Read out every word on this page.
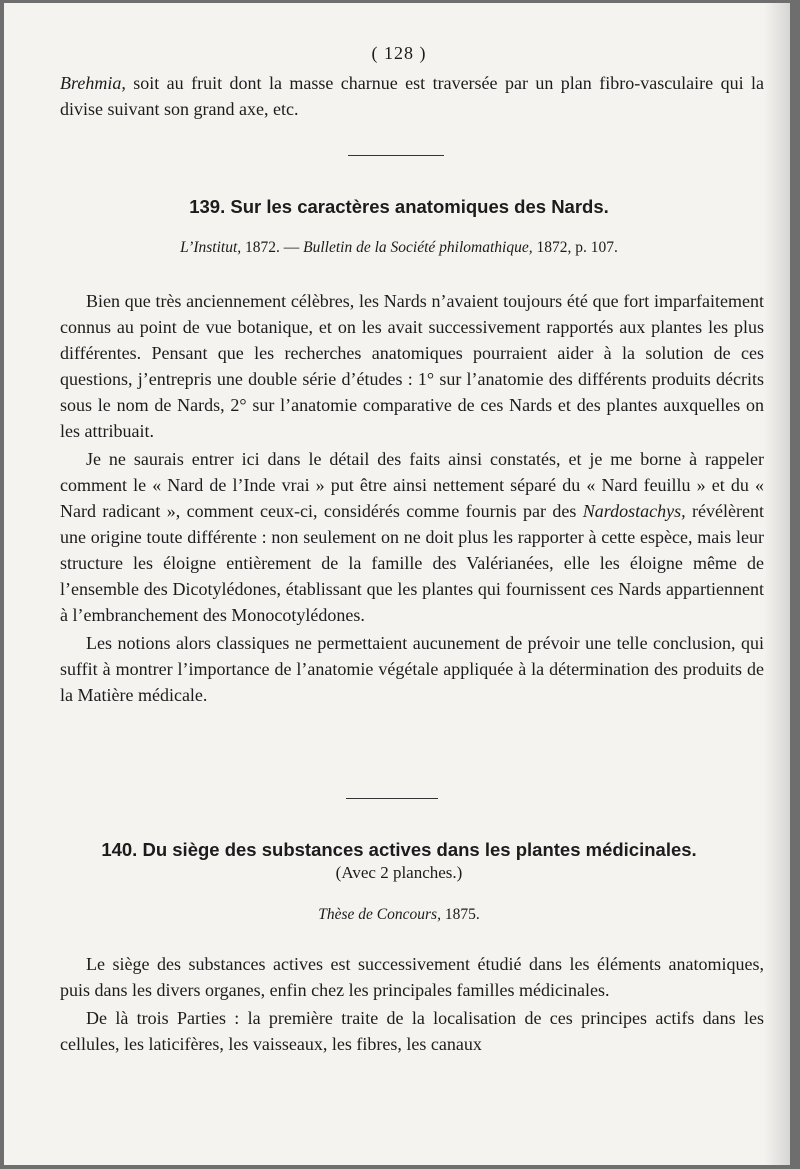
( 128 )

Brehmia, soit au fruit dont la masse charnue est traversée par un plan fibro-vasculaire qui la divise suivant son grand axe, etc.

139. Sur les caractères anatomiques des Nards.
L’Institut, 1872. — Bulletin de la Société philomathique, 1872, p. 107.

Bien que très anciennement célèbres, les Nards n’avaient toujours été que fort imparfaitement connus au point de vue botanique, et on les avait successivement rapportés aux plantes les plus différentes. Pensant que les recherches anatomiques pourraient aider à la solution de ces questions, j’entrepris une double série d’études : 1° sur l’anatomie des différents produits décrits sous le nom de Nards, 2° sur l’anatomie comparative de ces Nards et des plantes auxquelles on les attribuait.

Je ne saurais entrer ici dans le détail des faits ainsi constatés, et je me borne à rappeler comment le « Nard de l’Inde vrai » put être ainsi nettement séparé du « Nard feuillu » et du « Nard radicant », comment ceux-ci, considérés comme fournis par des Nardostachys, révélèrent une origine toute différente : non seulement on ne doit plus les rapporter à cette espèce, mais leur structure les éloigne entièrement de la famille des Valérianées, elle les éloigne même de l’ensemble des Dicotylédones, établissant que les plantes qui fournissent ces Nards appartiennent à l’embranchement des Monocotylédones.

Les notions alors classiques ne permettaient aucunement de prévoir une telle conclusion, qui suffit à montrer l’importance de l’anatomie végétale appliquée à la détermination des produits de la Matière médicale.

140. Du siège des substances actives dans les plantes médicinales.
(Avec 2 planches.)
Thèse de Concours, 1875.

Le siège des substances actives est successivement étudié dans les éléments anatomiques, puis dans les divers organes, enfin chez les principales familles médicinales.

De là trois Parties : la première traite de la localisation de ces principes actifs dans les cellules, les laticifères, les vaisseaux, les fibres, les canaux
